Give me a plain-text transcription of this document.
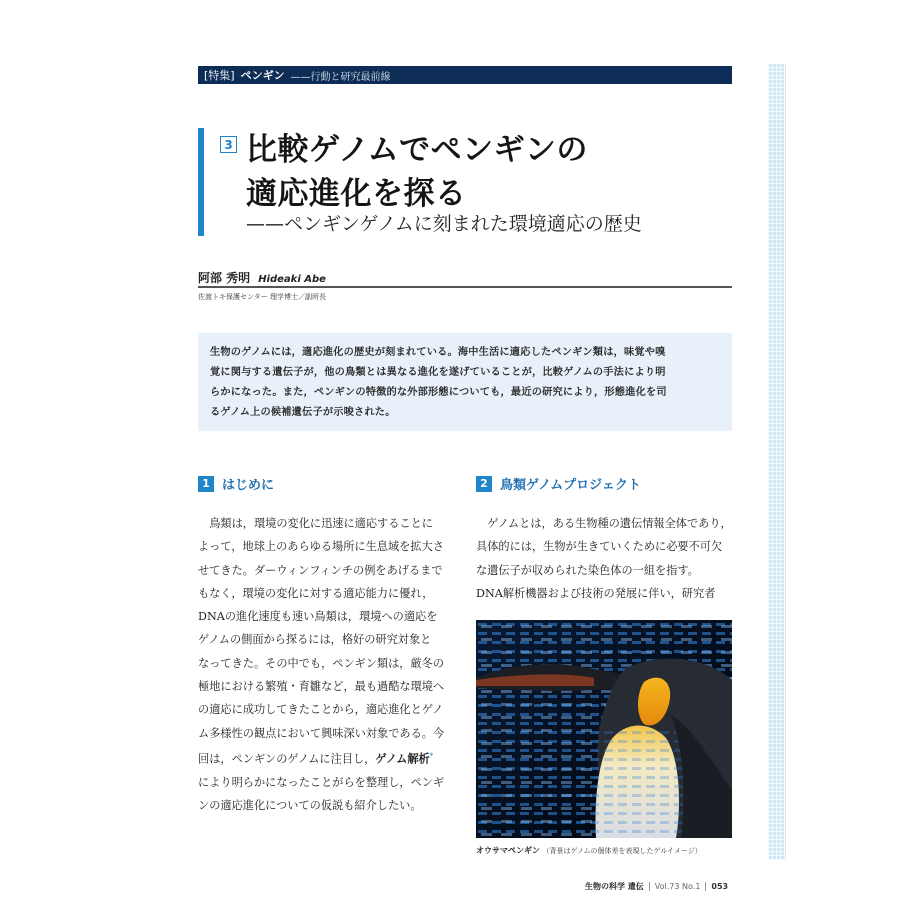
[特集] ペンギン ——行動と研究最前線
3 比較ゲノムでペンギンの
適応進化を探る
——ペンギンゲノムに刻まれた環境適応の歴史
阿部 秀明 Hideaki Abe
佐渡トキ保護センター 理学博士／副所長

生物のゲノムには，適応進化の歴史が刻まれている。海中生活に適応したペンギン類は，味覚や嗅
覚に関与する遺伝子が，他の鳥類とは異なる進化を遂げていることが，比較ゲノムの手法により明
らかになった。また，ペンギンの特徴的な外部形態についても，最近の研究により，形態進化を司
るゲノム上の候補遺伝子が示唆された。

1 はじめに
　鳥類は，環境の変化に迅速に適応することに
よって，地球上のあらゆる場所に生息域を拡大さ
せてきた。ダーウィンフィンチの例をあげるまで
もなく，環境の変化に対する適応能力に優れ，
DNAの進化速度も速い鳥類は，環境への適応を
ゲノムの側面から探るには，格好の研究対象と
なってきた。その中でも，ペンギン類は，厳冬の
極地における繁殖・育雛など，最も過酷な環境へ
の適応に成功してきたことから，適応進化とゲノ
ム多様性の観点において興味深い対象である。今
回は，ペンギンのゲノムに注目し，ゲノム解析*
により明らかになったことがらを整理し，ペンギ
ンの適応進化についての仮説も紹介したい。
2 鳥類ゲノムプロジェクト
　ゲノムとは，ある生物種の遺伝情報全体であり，
具体的には，生物が生きていくために必要不可欠
な遺伝子が収められた染色体の一組を指す。
DNA解析機器および技術の発展に伴い，研究者
オウサマペンギン （背景はゲノムの個体差を表現したゲルイメージ）
生物の科学 遺伝	Vol.73 No.1	053
